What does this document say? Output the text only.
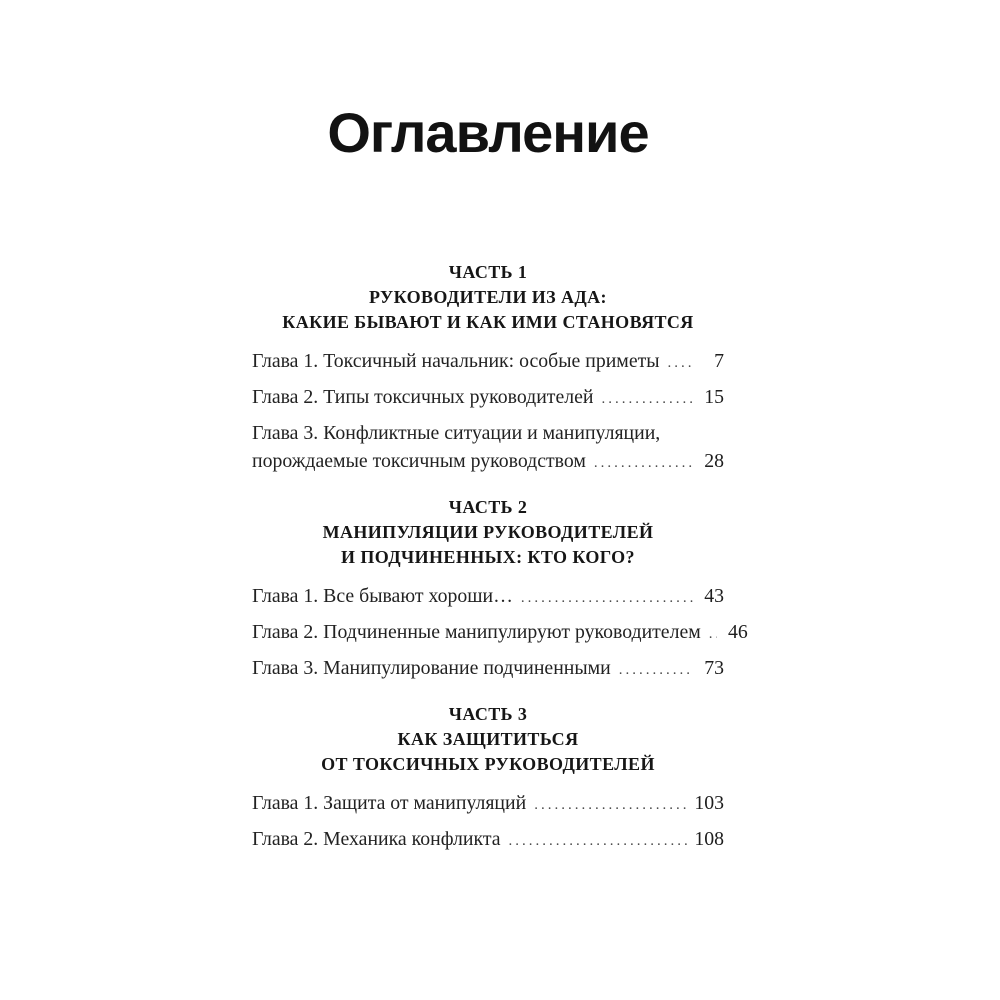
Оглавление
ЧАСТЬ 1
РУКОВОДИТЕЛИ ИЗ АДА:
КАКИЕ БЫВАЮТ И КАК ИМИ СТАНОВЯТСЯ
Глава 1. Токсичный начальник: особые приметы .....	7
Глава 2. Типы токсичных руководителей .....	15
Глава 3. Конфликтные ситуации и манипуляции,
порождаемые токсичным руководством .....	28
ЧАСТЬ 2
МАНИПУЛЯЦИИ РУКОВОДИТЕЛЕЙ
И ПОДЧИНЕННЫХ: КТО КОГО?
Глава 1. Все бывают хороши… .....	43
Глава 2. Подчиненные манипулируют руководителем .....	46
Глава 3. Манипулирование подчиненными .....	73
ЧАСТЬ 3
КАК ЗАЩИТИТЬСЯ
ОТ ТОКСИЧНЫХ РУКОВОДИТЕЛЕЙ
Глава 1. Защита от манипуляций .....	103
Глава 2. Механика конфликта .....	108
